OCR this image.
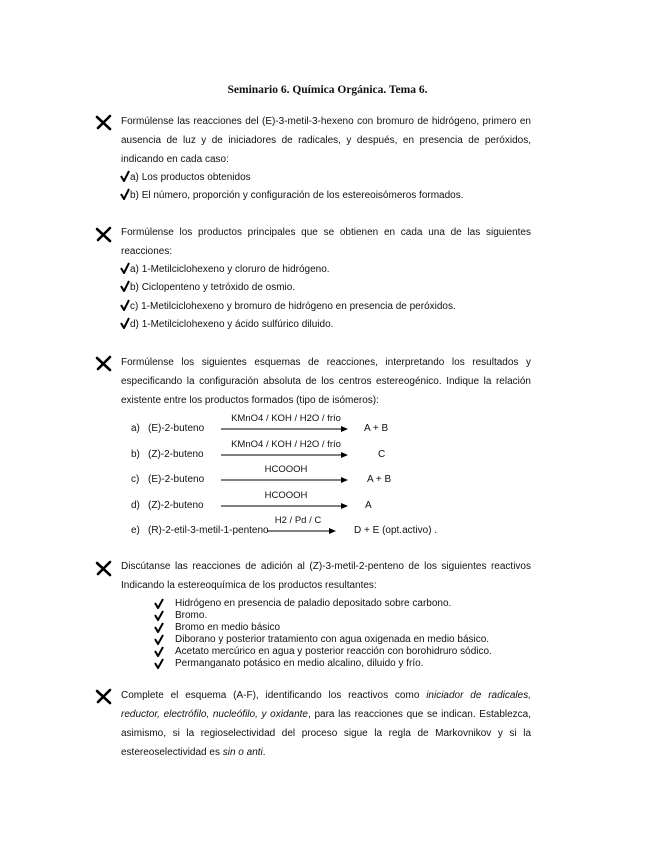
Seminario 6. Química Orgánica. Tema 6.
Formúlense las reacciones del (E)-3-metil-3-hexeno con bromuro de hidrógeno, primero en ausencia de luz y de iniciadores de radicales, y después, en presencia de peróxidos, indicando en cada caso:
a) Los productos obtenidos
b) El número, proporción y configuración de los estereoisómeros formados.
Formúlense los productos principales que se obtienen en cada una de las siguientes reacciones:
a) 1-Metilciclohexeno y cloruro de hidrógeno.
b) Ciclopenteno y tetróxido de osmio.
c) 1-Metilciclohexeno y bromuro de hidrógeno en presencia de peróxidos.
d) 1-Metilciclohexeno y ácido sulfúrico diluido.
Formúlense los siguientes esquemas de reacciones, interpretando los resultados y especificando la configuración absoluta de los centros estereogénico. Indique la relación existente entre los productos formados (tipo de isómeros):
a) (E)-2-buteno
KMnO4 / KOH / H2O / frío
A + B
b) (Z)-2-buteno
KMnO4 / KOH / H2O / frío
C
c) (E)-2-buteno
HCOOOH
A + B
d) (Z)-2-buteno
HCOOOH
A
e) (R)-2-etil-3-metil-1-penteno
H2 / Pd / C
D + E (opt.activo) .
Discútanse las reacciones de adición al (Z)-3-metil-2-penteno de los siguientes reactivos Indicando la estereoquímica de los productos resultantes:
Hidrógeno en presencia de paladio depositado sobre carbono.
Bromo.
Bromo en medio básico
Diborano y posterior tratamiento con agua oxigenada en medio básico.
Acetato mercúrico en agua y posterior reacción con borohidruro sódico.
Permanganato potásico en medio alcalino, diluido y frío.
Complete el esquema (A-F), identificando los reactivos como iniciador de radicales, reductor, electrófilo, nucleófilo, y oxidante, para las reacciones que se indican. Establezca, asimismo, si la regioselectividad del proceso sigue la regla de Markovnikov y si la estereoselectividad es sin o anti.
